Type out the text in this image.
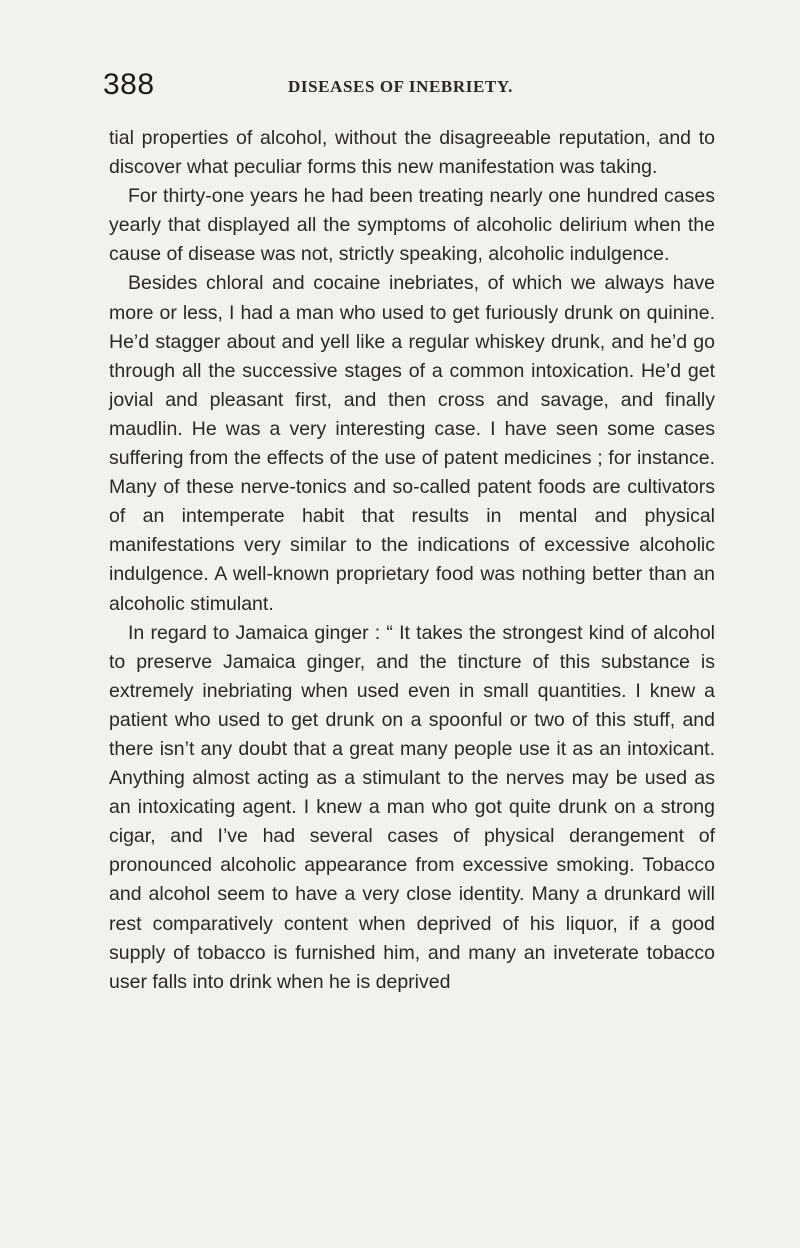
388	DISEASES OF INEBRIETY.

tial properties of alcohol, without the disagreeable reputation, and to discover what peculiar forms this new manifestation was taking.

For thirty-one years he had been treating nearly one hundred cases yearly that displayed all the symptoms of alcoholic delirium when the cause of disease was not, strictly speaking, alcoholic indulgence.

Besides chloral and cocaine inebriates, of which we always have more or less, I had a man who used to get furiously drunk on quinine. He’d stagger about and yell like a regular whiskey drunk, and he’d go through all the successive stages of a common intoxication. He’d get jovial and pleasant first, and then cross and savage, and finally maudlin. He was a very interesting case. I have seen some cases suffering from the effects of the use of patent medicines ; for instance. Many of these nerve-tonics and so-called patent foods are cultivators of an intemperate habit that results in mental and physical manifestations very similar to the indications of excessive alcoholic indulgence. A well-known proprietary food was nothing better than an alcoholic stimulant.

In regard to Jamaica ginger : “ It takes the strongest kind of alcohol to preserve Jamaica ginger, and the tincture of this substance is extremely inebriating when used even in small quantities. I knew a patient who used to get drunk on a spoonful or two of this stuff, and there isn’t any doubt that a great many people use it as an intoxicant. Anything almost acting as a stimulant to the nerves may be used as an intoxicating agent. I knew a man who got quite drunk on a strong cigar, and I’ve had several cases of physical derangement of pronounced alcoholic appearance from excessive smoking. Tobacco and alcohol seem to have a very close identity. Many a drunkard will rest comparatively content when deprived of his liquor, if a good supply of tobacco is furnished him, and many an inveterate tobacco user falls into drink when he is deprived
